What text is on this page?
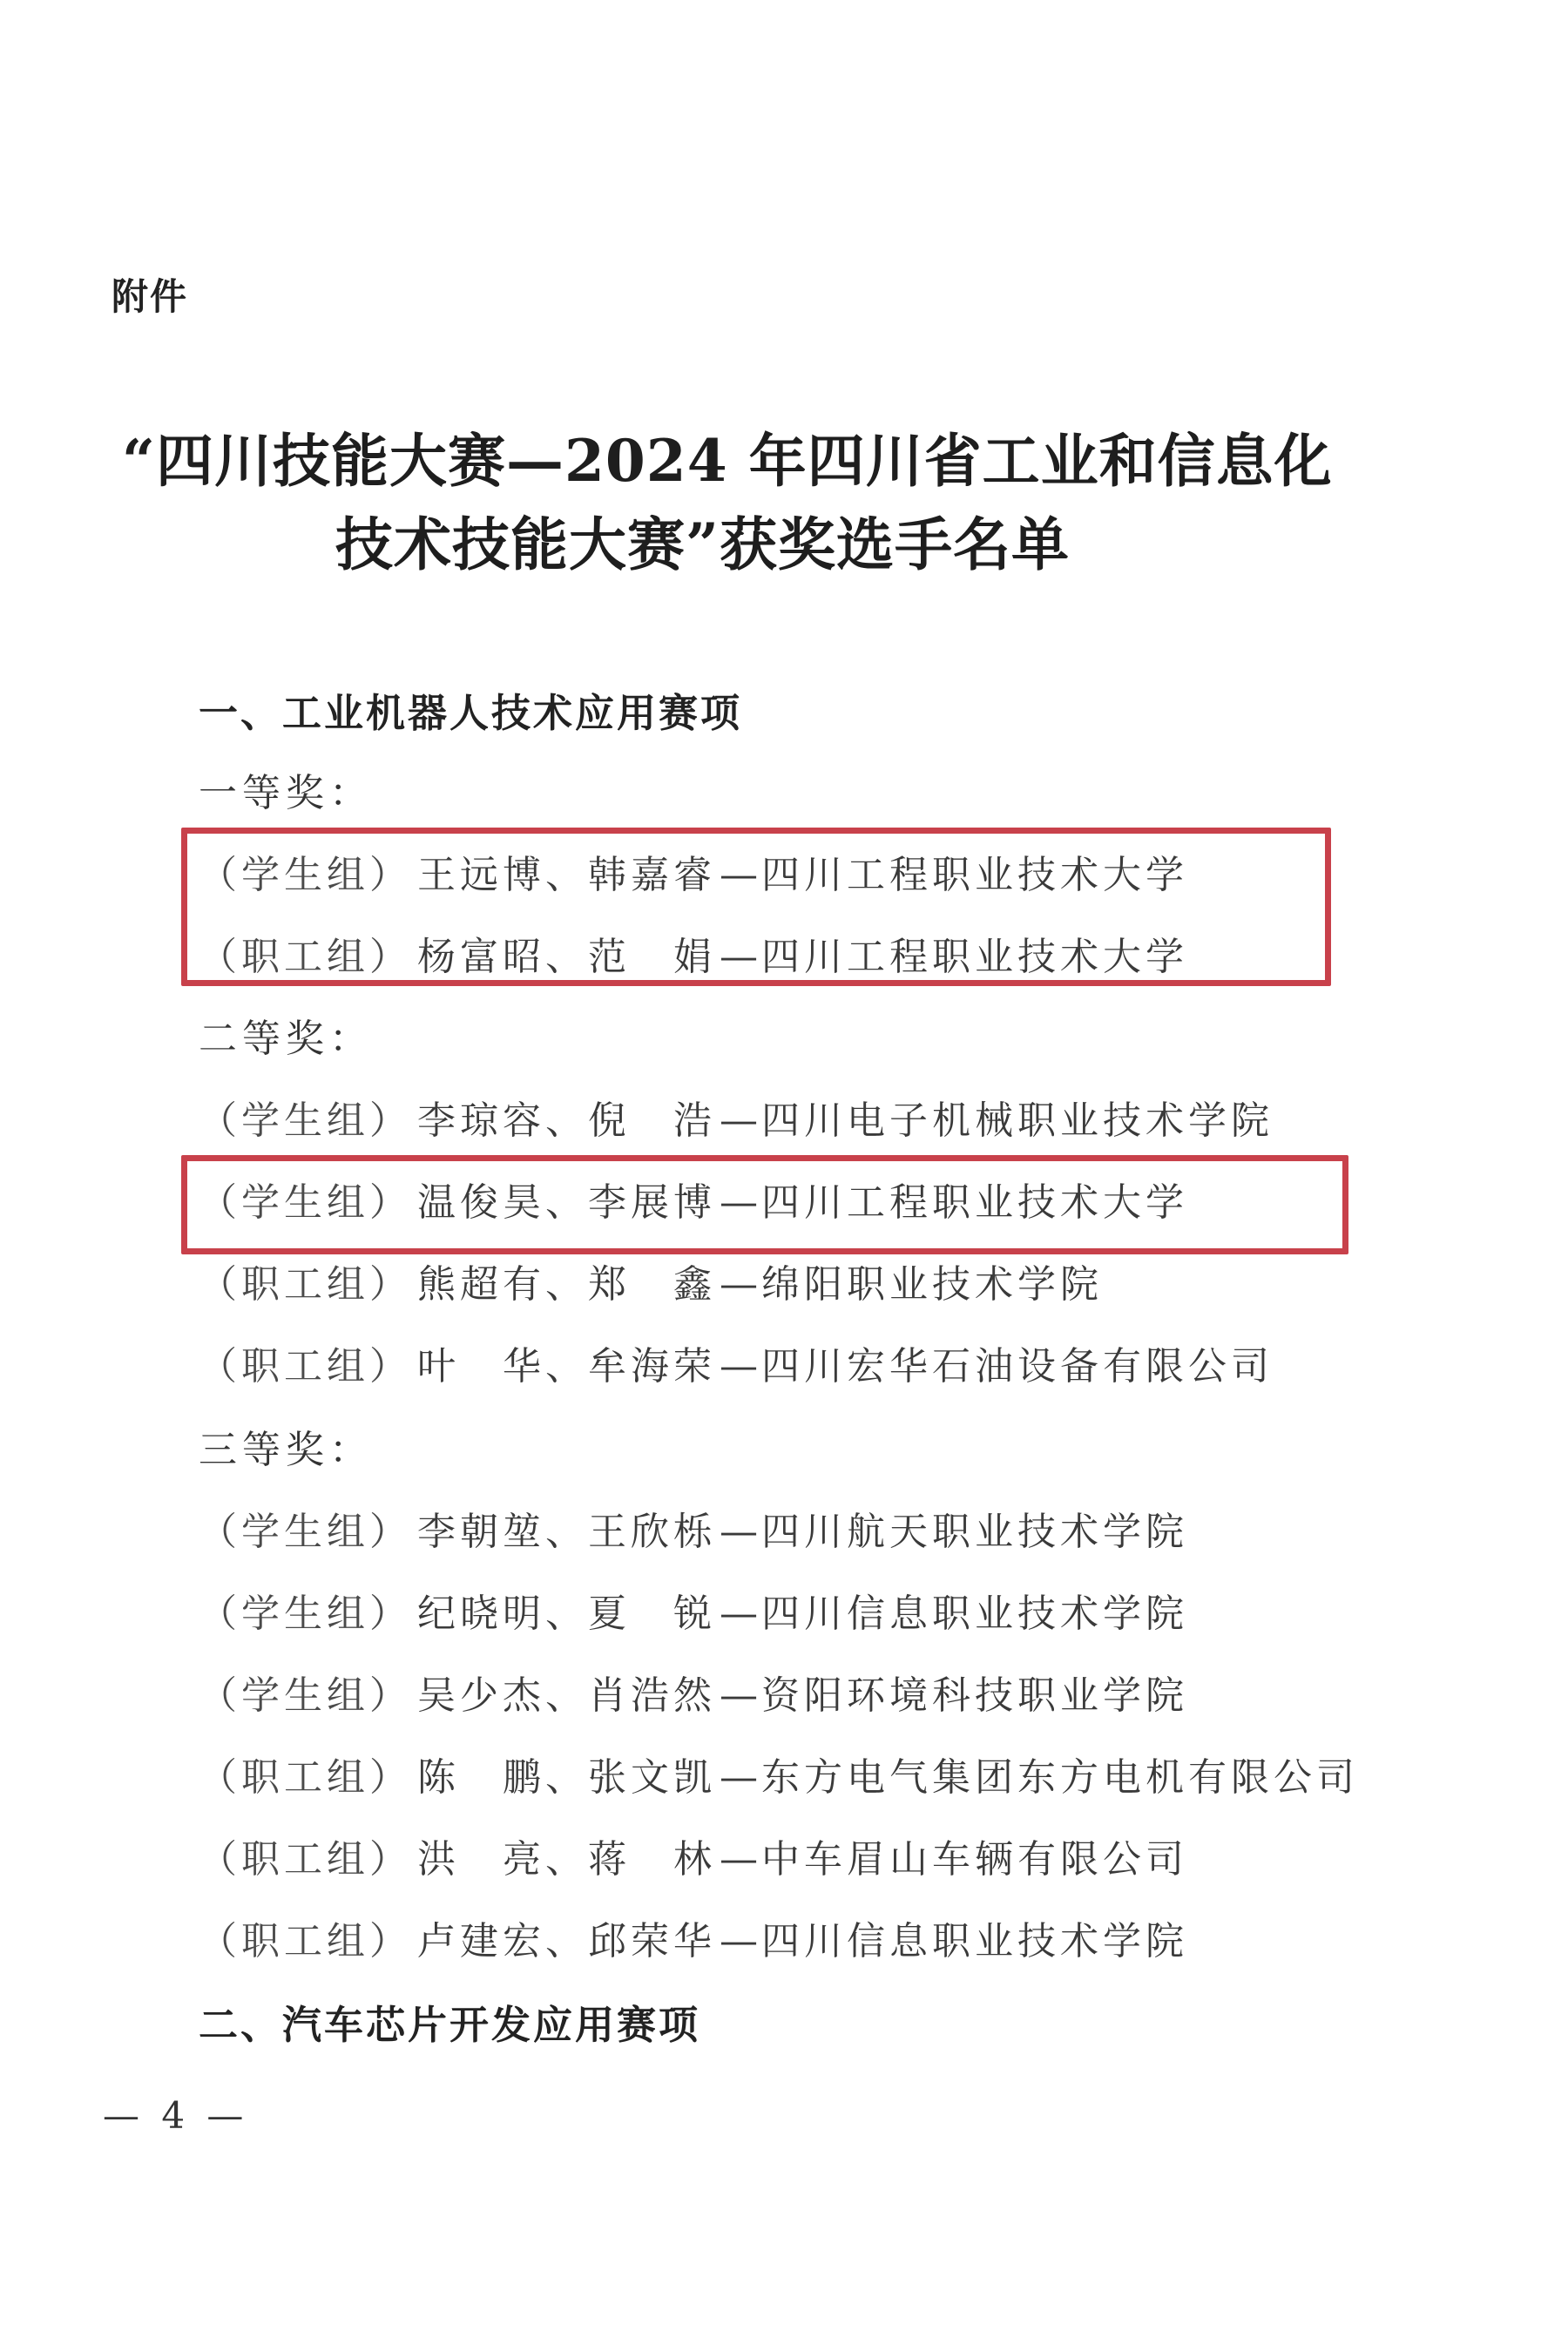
附件
“四川技能大赛—2024 年四川省工业和信息化
技术技能大赛”获奖选手名单
一、工业机器人技术应用赛项
一等奖：
（学生组） 王远博、韩嘉睿 — 四川工程职业技术大学
（职工组） 杨富昭、范　娟 — 四川工程职业技术大学
二等奖：
（学生组） 李琼容、倪　浩 — 四川电子机械职业技术学院
（学生组） 温俊昊、李展博 — 四川工程职业技术大学
（职工组） 熊超有、郑　鑫 — 绵阳职业技术学院
（职工组） 叶　华、牟海荣 — 四川宏华石油设备有限公司
三等奖：
（学生组） 李朝堃、王欣栎 — 四川航天职业技术学院
（学生组） 纪晓明、夏　锐 — 四川信息职业技术学院
（学生组） 吴少杰、肖浩然 — 资阳环境科技职业学院
（职工组） 陈　鹏、张文凯 — 东方电气集团东方电机有限公司
（职工组） 洪　亮、蒋　林 — 中车眉山车辆有限公司
（职工组） 卢建宏、邱荣华 — 四川信息职业技术学院
二、汽车芯片开发应用赛项
— 4 —
